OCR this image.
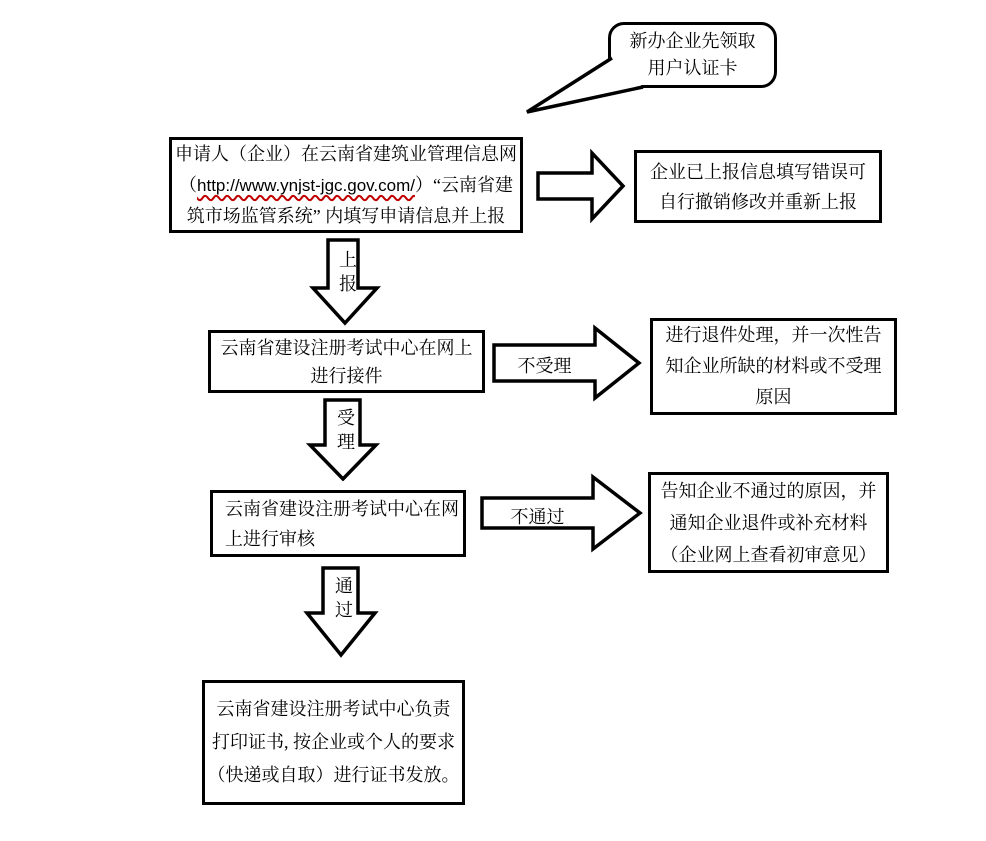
新办企业先领取
用户认证卡
申请人（企业）在云南省建筑业管理信息网
（http://www.ynjst-jgc.gov.com/）“云南省建
筑市场监管系统” 内填写申请信息并上报
企业已上报信息填写错误可
自行撤销修改并重新上报
上报
云南省建设注册考试中心在网上
进行接件	不受理
进行退件处理，并一次性告
知企业所缺的材料或不受理
原因
受理
云南省建设注册考试中心在网
上进行审核
不通过
告知企业不通过的原因，并
通知企业退件或补充材料
（企业网上查看初审意见）
通过
云南省建设注册考试中心负责
打印证书, 按企业或个人的要求
（快递或自取）进行证书发放。
